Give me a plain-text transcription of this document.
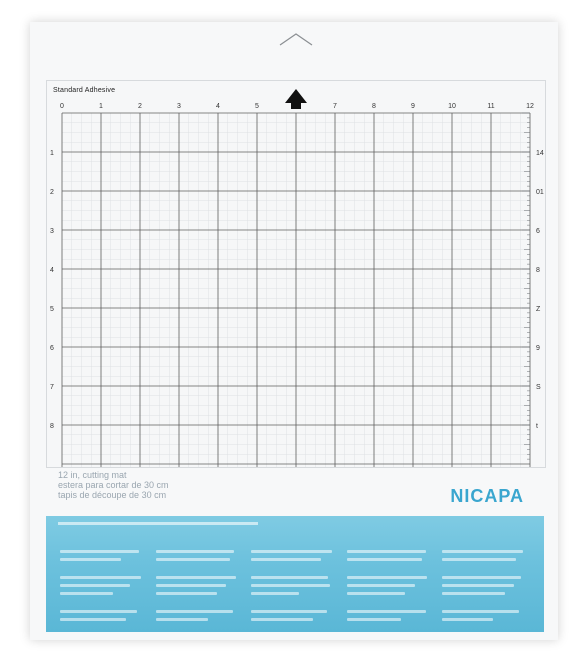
Standard Adhesive
0	1	2	3	4	5	7	8	9	10	11	12
1
2
3
4
5
6
7
8
14
01
6
8
Z
9
S
t
12 in, cutting mat
estera para cortar de 30 cm
tapis de découpe de 30 cm	NICAPA
